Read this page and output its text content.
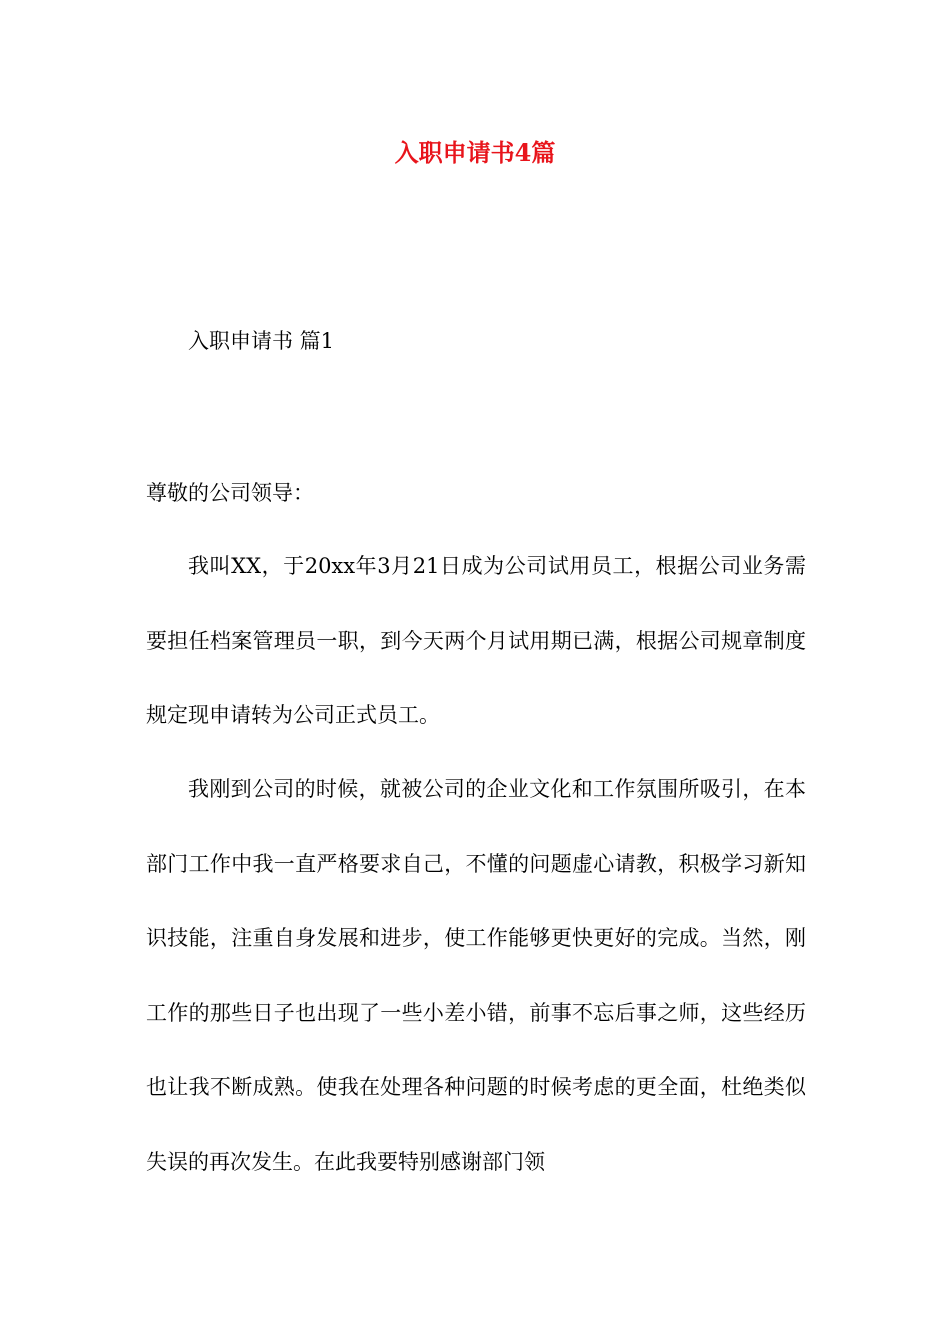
入职申请书4篇

入职申请书 篇1

尊敬的公司领导：

我叫XX，于20xx年3月21日成为公司试用员工，根据公司业务需要担任档案管理员一职，到今天两个月试用期已满，根据公司规章制度规定现申请转为公司正式员工。

我刚到公司的时候，就被公司的企业文化和工作氛围所吸引，在本部门工作中我一直严格要求自己，不懂的问题虚心请教，积极学习新知识技能，注重自身发展和进步，使工作能够更快更好的完成。当然，刚工作的那些日子也出现了一些小差小错，前事不忘后事之师，这些经历也让我不断成熟。使我在处理各种问题的时候考虑的更全面，杜绝类似失误的再次发生。在此我要特别感谢部门领
